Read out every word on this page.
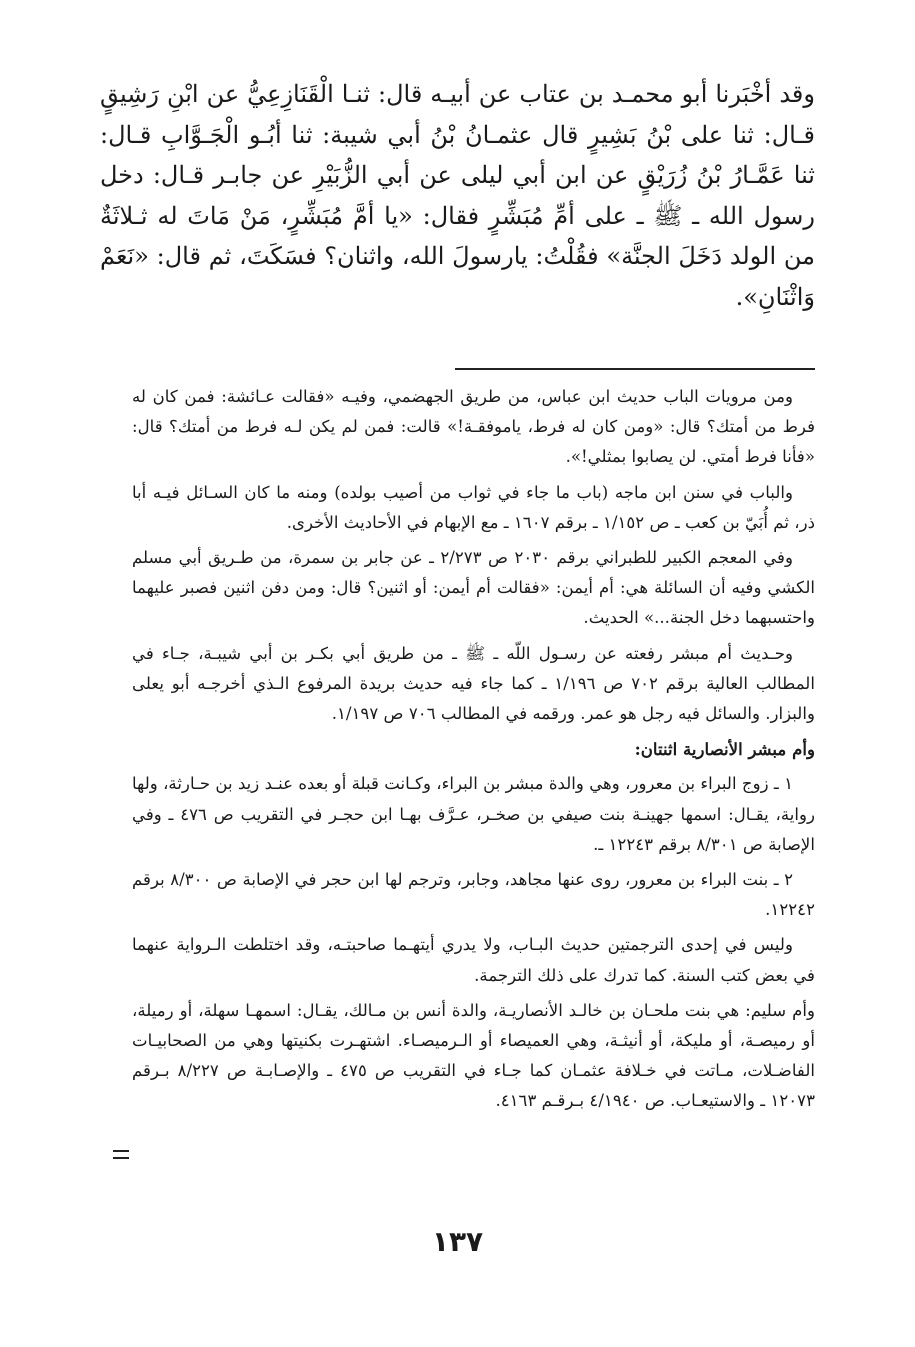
وقد أخْبَرنا أبو محمـد بن عتاب عن أبيـه قال: ثنـا الْقَنَازِعِيُّ عن ابْنِ رَشِيقٍ قـال: ثنا على بْنُ بَشِيرٍ قال عثمـانُ بْنُ أبي شيبة: ثنا أبُـو الْجَـوَّابِ قـال: ثنا عَمَّـارُ بْنُ زُرَيْقٍ عن ابن أبي ليلى عن أبي الزُّبَيْرِ عن جابـر قـال: دخل رسول الله ـ ﷺ ـ على أمِّ مُبَشِّرٍ فقال: «يا أمَّ مُبَشِّرٍ، مَنْ مَاتَ له ثـلاثَةٌ من الولد دَخَلَ الجنَّة» فقُلْتُ: يارسولَ الله، واثنان؟ فسَكَتَ، ثم قال: «نَعَمْ وَاثْنَانِ».

ومن مرويات الباب حديث ابن عباس، من طريق الجهضمي، وفيـه «فقالت عـائشة: فمن كان له فرط من أمتك؟ قال: «ومن كان له فرط، ياموفقـة!» قالت: فمن لم يكن لـه فرط من أمتك؟ قال: «فأنا فرط أمتي. لن يصابوا بمثلي!».

والباب في سنن ابن ماجه (باب ما جاء في ثواب من أصيب بولده) ومنه ما كان السـائل فيـه أبا ذر، ثم أُبَيّ بن كعب ـ ص ١/١٥٢ ـ برقم ١٦٠٧ ـ مع الإبهام في الأحاديث الأخرى.

وفي المعجم الكبير للطبراني برقم ٢٠٣٠ ص ٢/٢٧٣ ـ عن جابر بن سمرة، من طـريق أبي مسلم الكشي وفيه أن السائلة هي: أم أيمن: «فقالت أم أيمن: أو اثنين؟ قال: ومن دفن اثنين فصبر عليهما واحتسبهما دخل الجنة...» الحديث.

وحـديث أم مبشر رفعته عن رسـول اللّه ـ ﷺ ـ من طريق أبي بكـر بن أبي شيبـة، جـاء في المطالب العالية برقم ٧٠٢ ص ١/١٩٦ ـ كما جاء فيه حديث بريدة المرفوع الـذي أخرجـه أبو يعلى والبزار. والسائل فيه رجل هو عمر. ورقمه في المطالب ٧٠٦ ص ١/١٩٧.

وأم مبشر الأنصارية اثنتان:

١ ـ زوج البراء بن معرور، وهي والدة مبشر بن البراء، وكـانت قبلة أو بعده عنـد زيد بن حـارثة، ولها رواية، يقـال: اسمها جهينـة بنت صيفي بن صخـر، عـرَّف بهـا ابن حجـر في التقريب ص ٤٧٦ ـ وفي الإصابة ص ٨/٣٠١ برقم ١٢٢٤٣ ـ.

٢ ـ بنت البراء بن معرور، روى عنها مجاهد، وجابر، وترجم لها ابن حجر في الإصابة ص ٨/٣٠٠ برقم ١٢٢٤٢.

وليس في إحدى الترجمتين حديث البـاب، ولا يدري أيتهـما صاحبتـه، وقد اختلطت الـرواية عنهما في بعض كتب السنة. كما تدرك على ذلك الترجمة.

وأم سليم: هي بنت ملحـان بن خالـد الأنصاريـة، والدة أنس بن مـالك، يقـال: اسمهـا سهلة، أو رميلة، أو رميصـة، أو مليكة، أو أنيثـة، وهي العميصاء أو الـرميصـاء. اشتهـرت بكنيتها وهي من الصحابيـات الفاضـلات، مـاتت في خـلافة عثمـان كما جـاء في التقريب ص ٤٧٥ ـ والإصـابـة ص ٨/٢٢٧ بـرقم ١٢٠٧٣ ـ والاستيعـاب. ص ٤/١٩٤٠ بـرقـم ٤١٦٣.

١٣٧
